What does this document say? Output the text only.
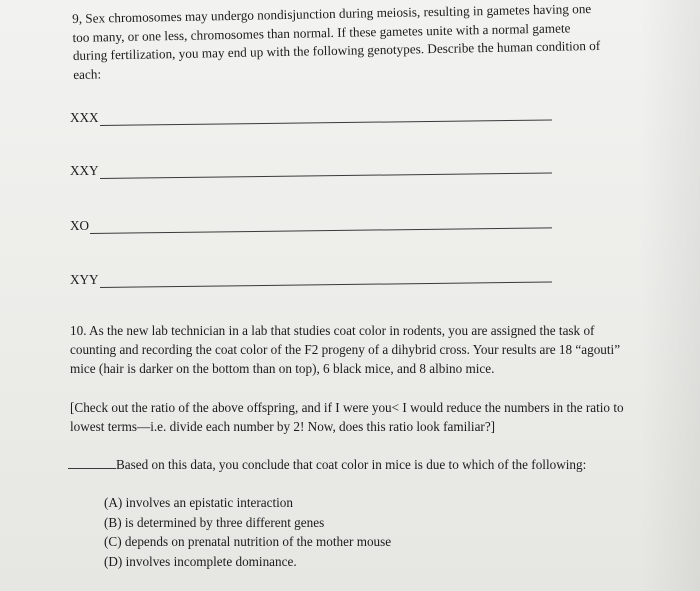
9, Sex chromosomes may undergo nondisjunction during meiosis, resulting in gametes having one too many, or one less, chromosomes than normal. If these gametes unite with a normal gamete during fertilization, you may end up with the following genotypes. Describe the human condition of each:
XXX
XXY
XO
XYY
10. As the new lab technician in a lab that studies coat color in rodents, you are assigned the task of counting and recording the coat color of the F2 progeny of a dihybrid cross. Your results are 18 “agouti” mice (hair is darker on the bottom than on top), 6 black mice, and 8 albino mice.
[Check out the ratio of the above offspring, and if I were you< I would reduce the numbers in the ratio to lowest terms—i.e. divide each number by 2! Now, does this ratio look familiar?]
Based on this data, you conclude that coat color in mice is due to which of the following:
(A) involves an epistatic interaction
(B) is determined by three different genes
(C) depends on prenatal nutrition of the mother mouse
(D) involves incomplete dominance.
